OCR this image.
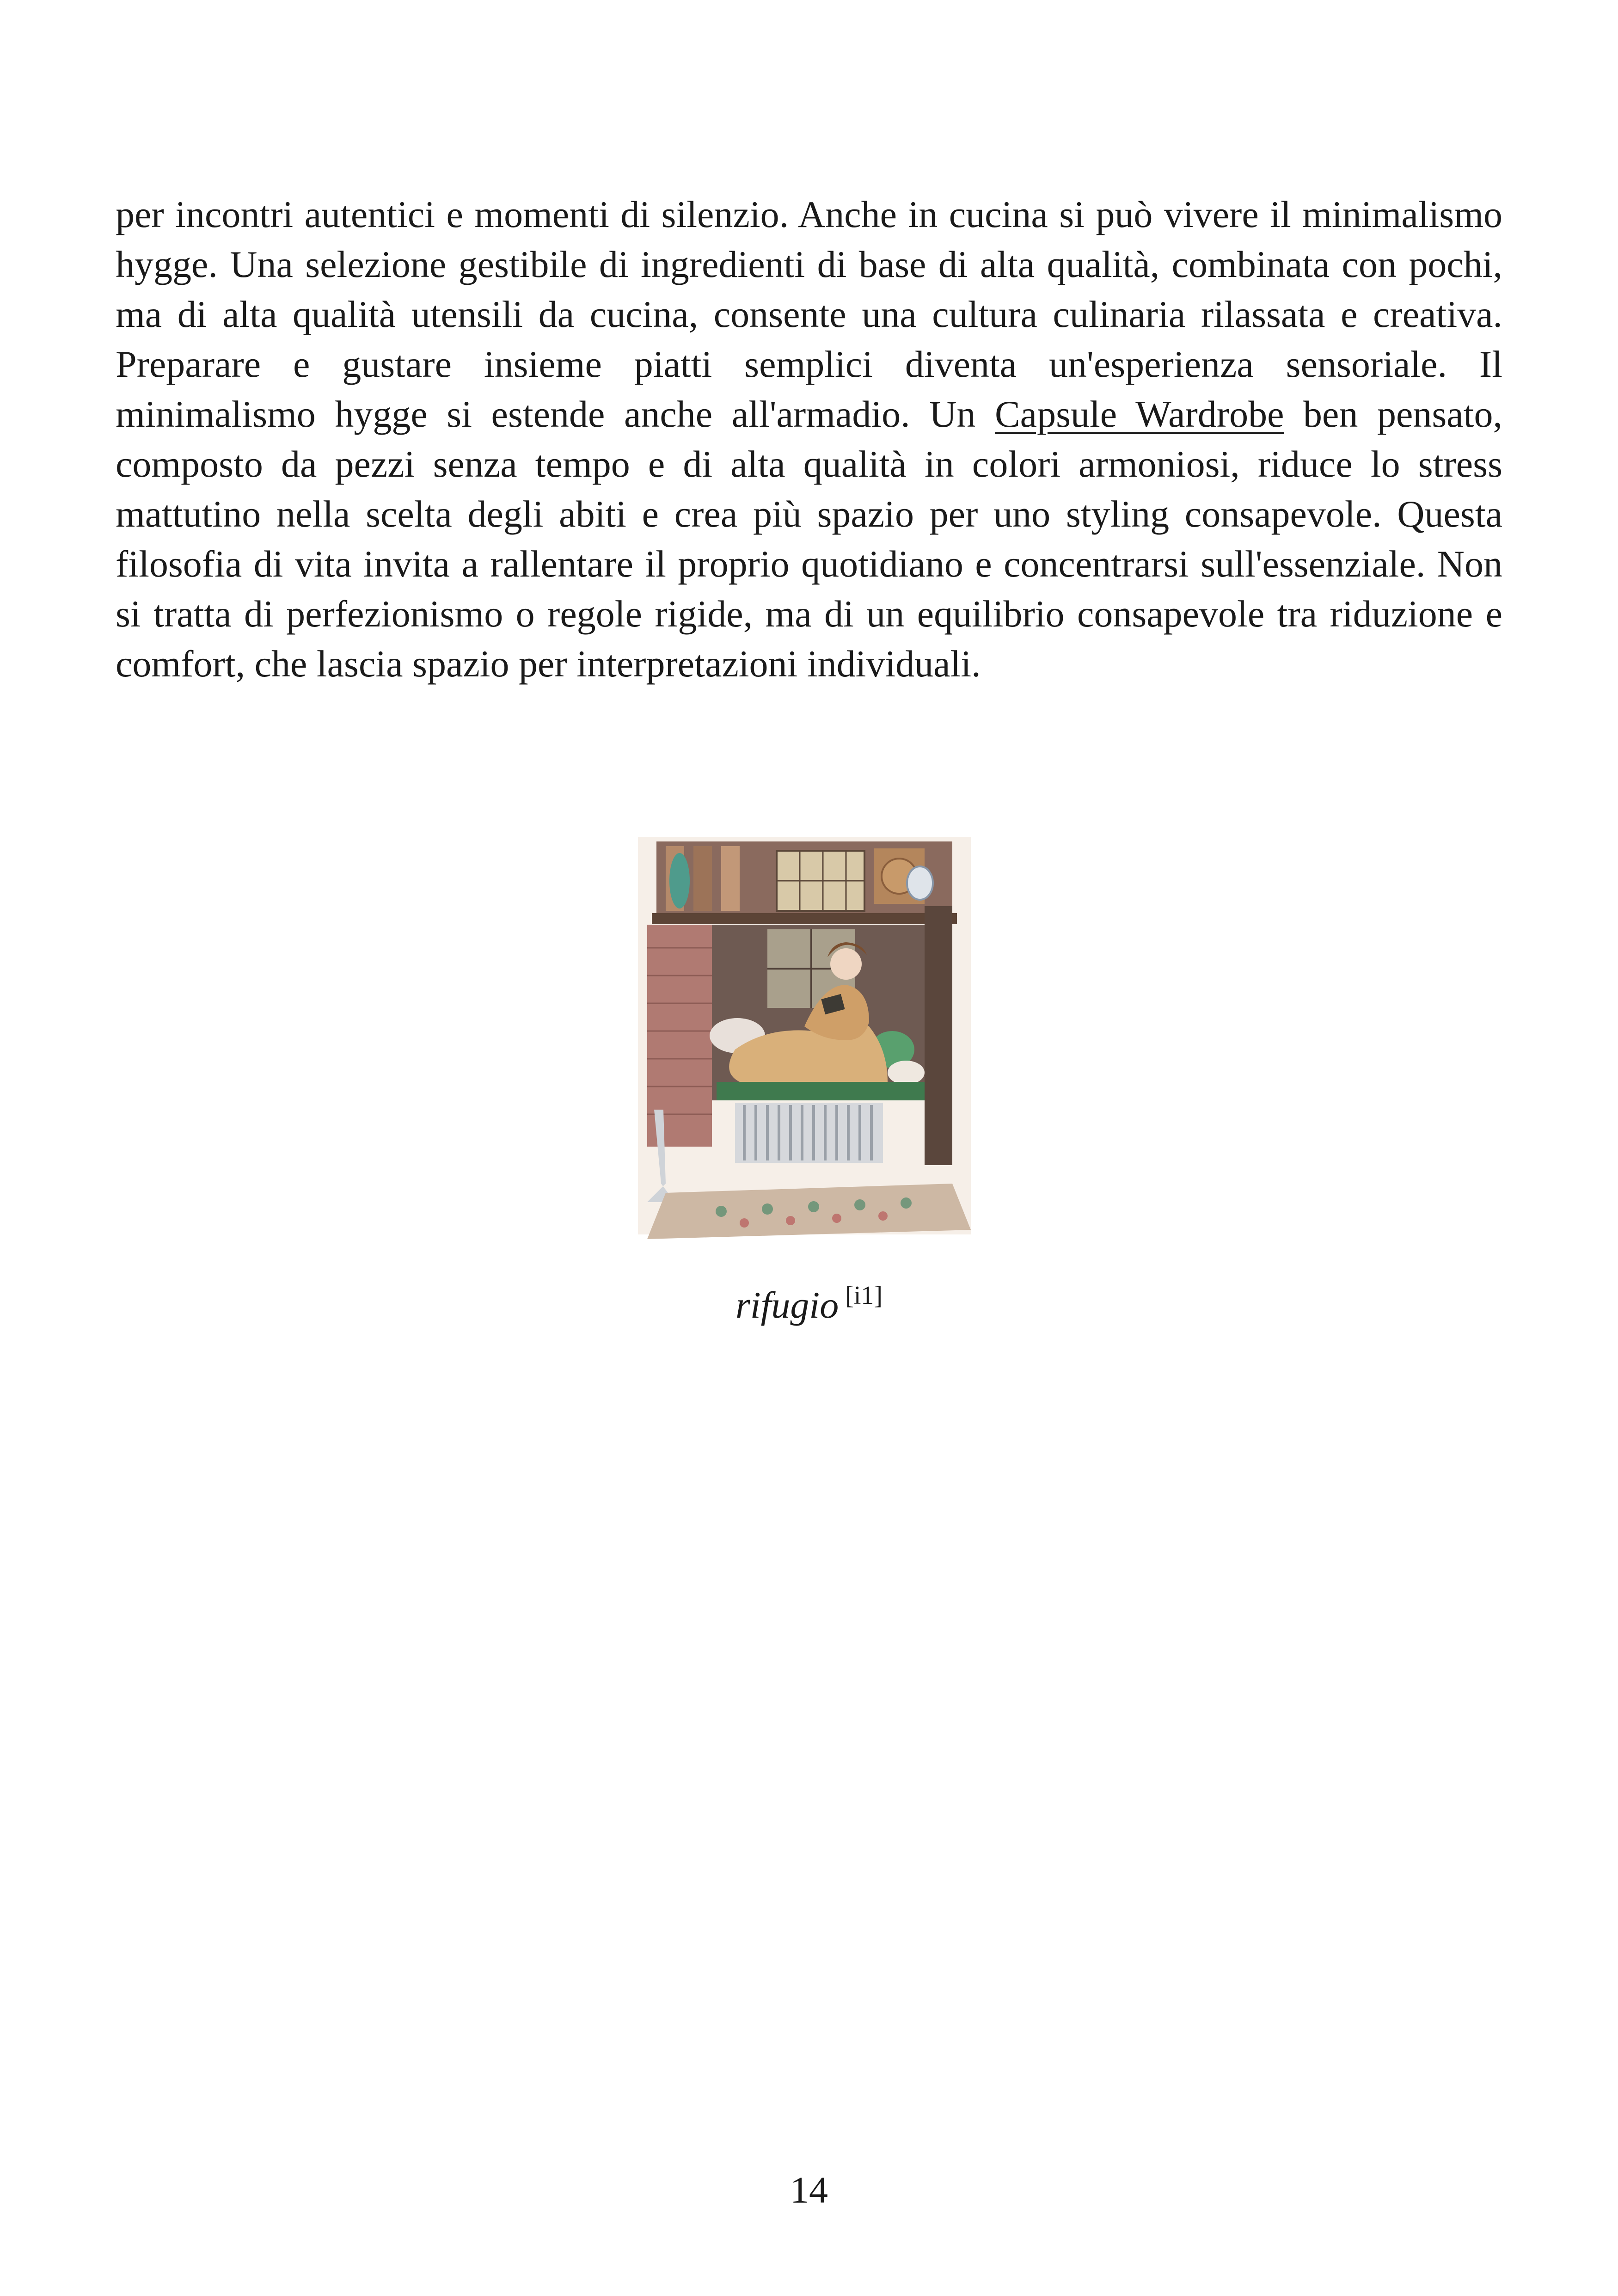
per incontri autentici e momenti di silenzio. Anche in cucina si può vivere il minimalismo hygge. Una selezione gestibile di ingredienti di base di alta qualità, combinata con pochi, ma di alta qualità utensili da cucina, consente una cultura culinaria rilassata e creativa. Preparare e gustare insieme piatti semplici diventa un'esperienza sensoriale. Il minimalismo hygge si estende anche all'armadio. Un Capsule Wardrobe ben pensato, composto da pezzi senza tempo e di alta qualità in colori armoniosi, riduce lo stress mattutino nella scelta degli abiti e crea più spazio per uno styling consapevole. Questa filosofia di vita invita a rallentare il proprio quotidiano e concentrarsi sull'essenziale. Non si tratta di perfezionismo o regole rigide, ma di un equilibrio consapevole tra riduzione e comfort, che lascia spazio per interpretazioni individuali.

rifugio [i1]

14
